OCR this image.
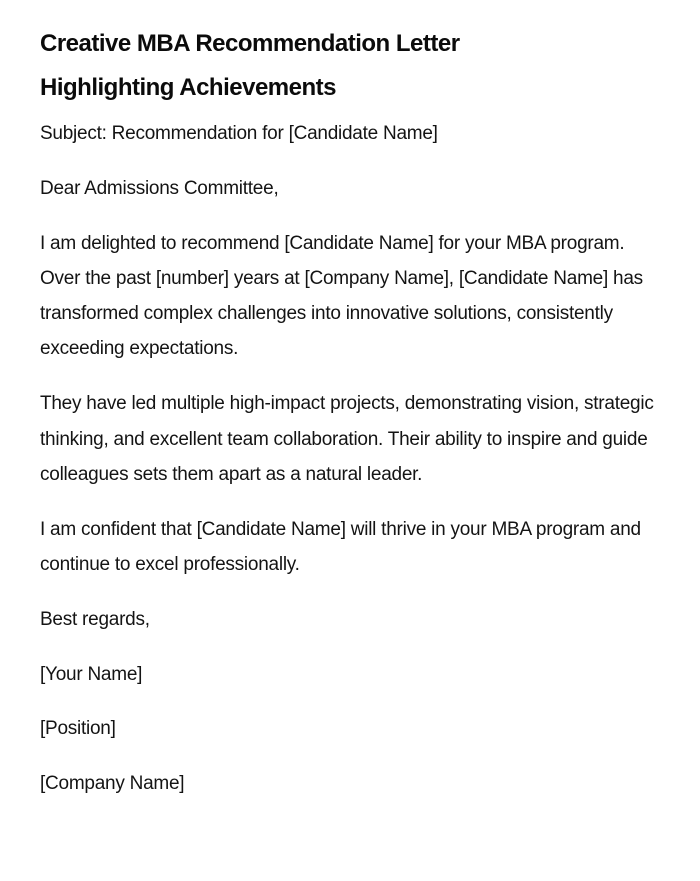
Creative MBA Recommendation Letter Highlighting Achievements

Subject: Recommendation for [Candidate Name]

Dear Admissions Committee,

I am delighted to recommend [Candidate Name] for your MBA program. Over the past [number] years at [Company Name], [Candidate Name] has transformed complex challenges into innovative solutions, consistently exceeding expectations.

They have led multiple high-impact projects, demonstrating vision, strategic thinking, and excellent team collaboration. Their ability to inspire and guide colleagues sets them apart as a natural leader.

I am confident that [Candidate Name] will thrive in your MBA program and continue to excel professionally.

Best regards,

[Your Name]

[Position]

[Company Name]
